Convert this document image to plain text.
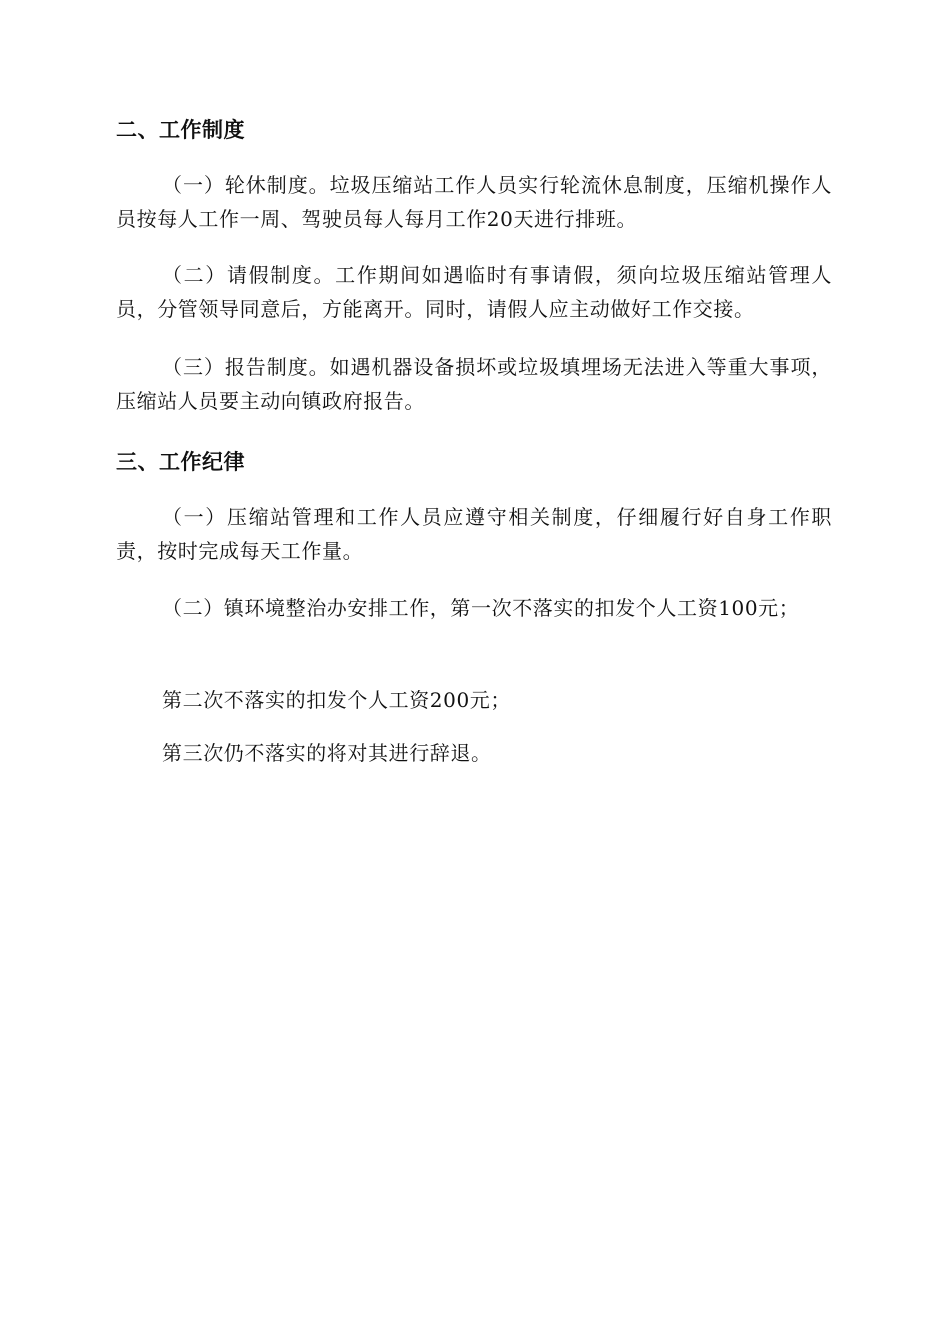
二、工作制度
（一）轮休制度。垃圾压缩站工作人员实行轮流休息制度，压缩机操作人员按每人工作一周、驾驶员每人每月工作20天进行排班。
（二）请假制度。工作期间如遇临时有事请假，须向垃圾压缩站管理人员，分管领导同意后，方能离开。同时，请假人应主动做好工作交接。
（三）报告制度。如遇机器设备损坏或垃圾填埋场无法进入等重大事项，压缩站人员要主动向镇政府报告。
三、工作纪律
（一）压缩站管理和工作人员应遵守相关制度，仔细履行好自身工作职责，按时完成每天工作量。
（二）镇环境整治办安排工作，第一次不落实的扣发个人工资100元；
第二次不落实的扣发个人工资200元；
第三次仍不落实的将对其进行辞退。
